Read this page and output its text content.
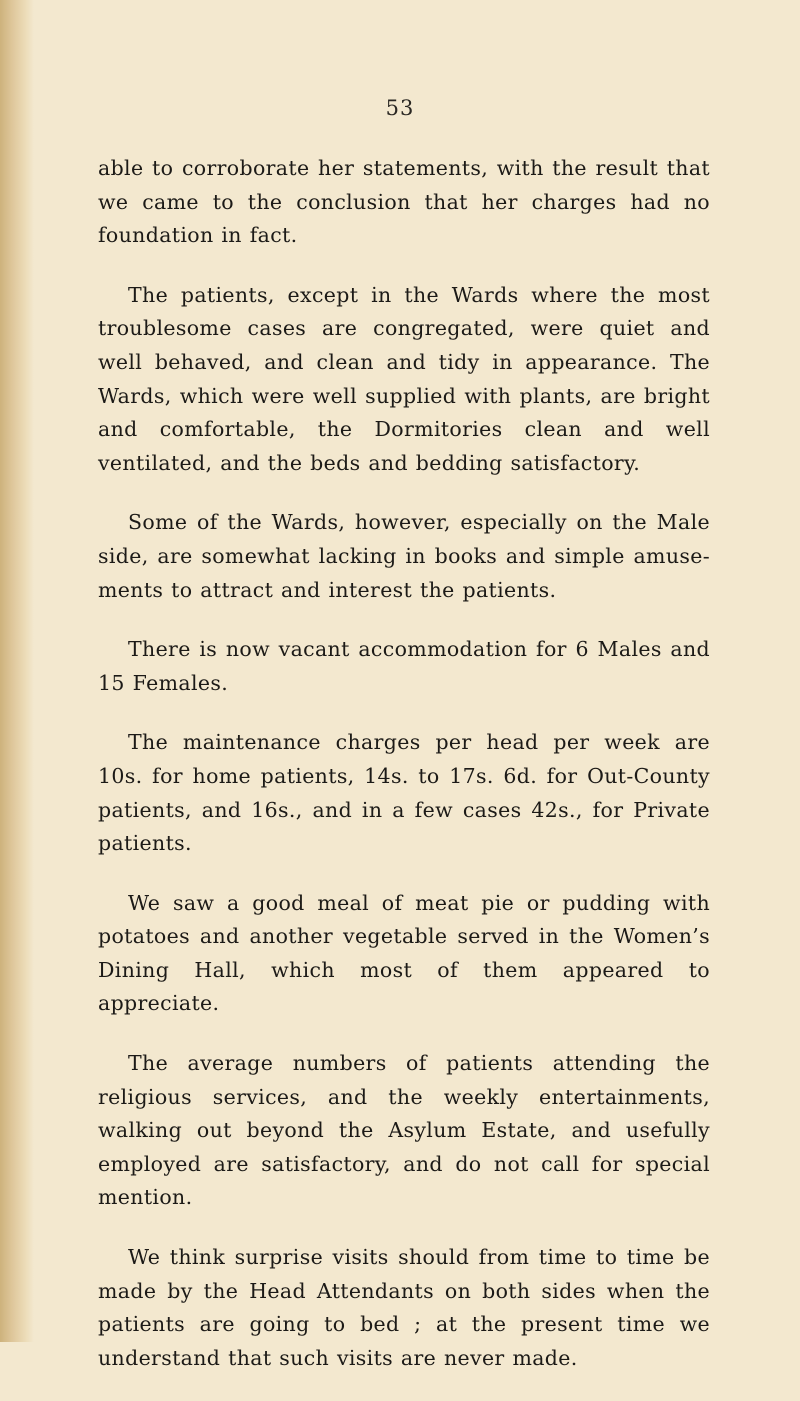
53

able to corroborate her statements, with the result that we came to the conclusion that her charges had no foundation in fact.

The patients, except in the Wards where the most troublesome cases are congregated, were quiet and well behaved, and clean and tidy in appearance. The Wards, which were well supplied with plants, are bright and comfortable, the Dormitories clean and well ventilated, and the beds and bedding satisfactory.

Some of the Wards, however, especially on the Male side, are somewhat lacking in books and simple amuse-ments to attract and interest the patients.

There is now vacant accommodation for 6 Males and 15 Females.

The maintenance charges per head per week are 10s. for home patients, 14s. to 17s. 6d. for Out-County patients, and 16s., and in a few cases 42s., for Private patients.

We saw a good meal of meat pie or pudding with potatoes and another vegetable served in the Women’s Dining Hall, which most of them appeared to appreciate.

The average numbers of patients attending the religious services, and the weekly entertainments, walking out beyond the Asylum Estate, and usefully employed are satisfactory, and do not call for special mention.

We think surprise visits should from time to time be made by the Head Attendants on both sides when the patients are going to bed ; at the present time we understand that such visits are never made.
